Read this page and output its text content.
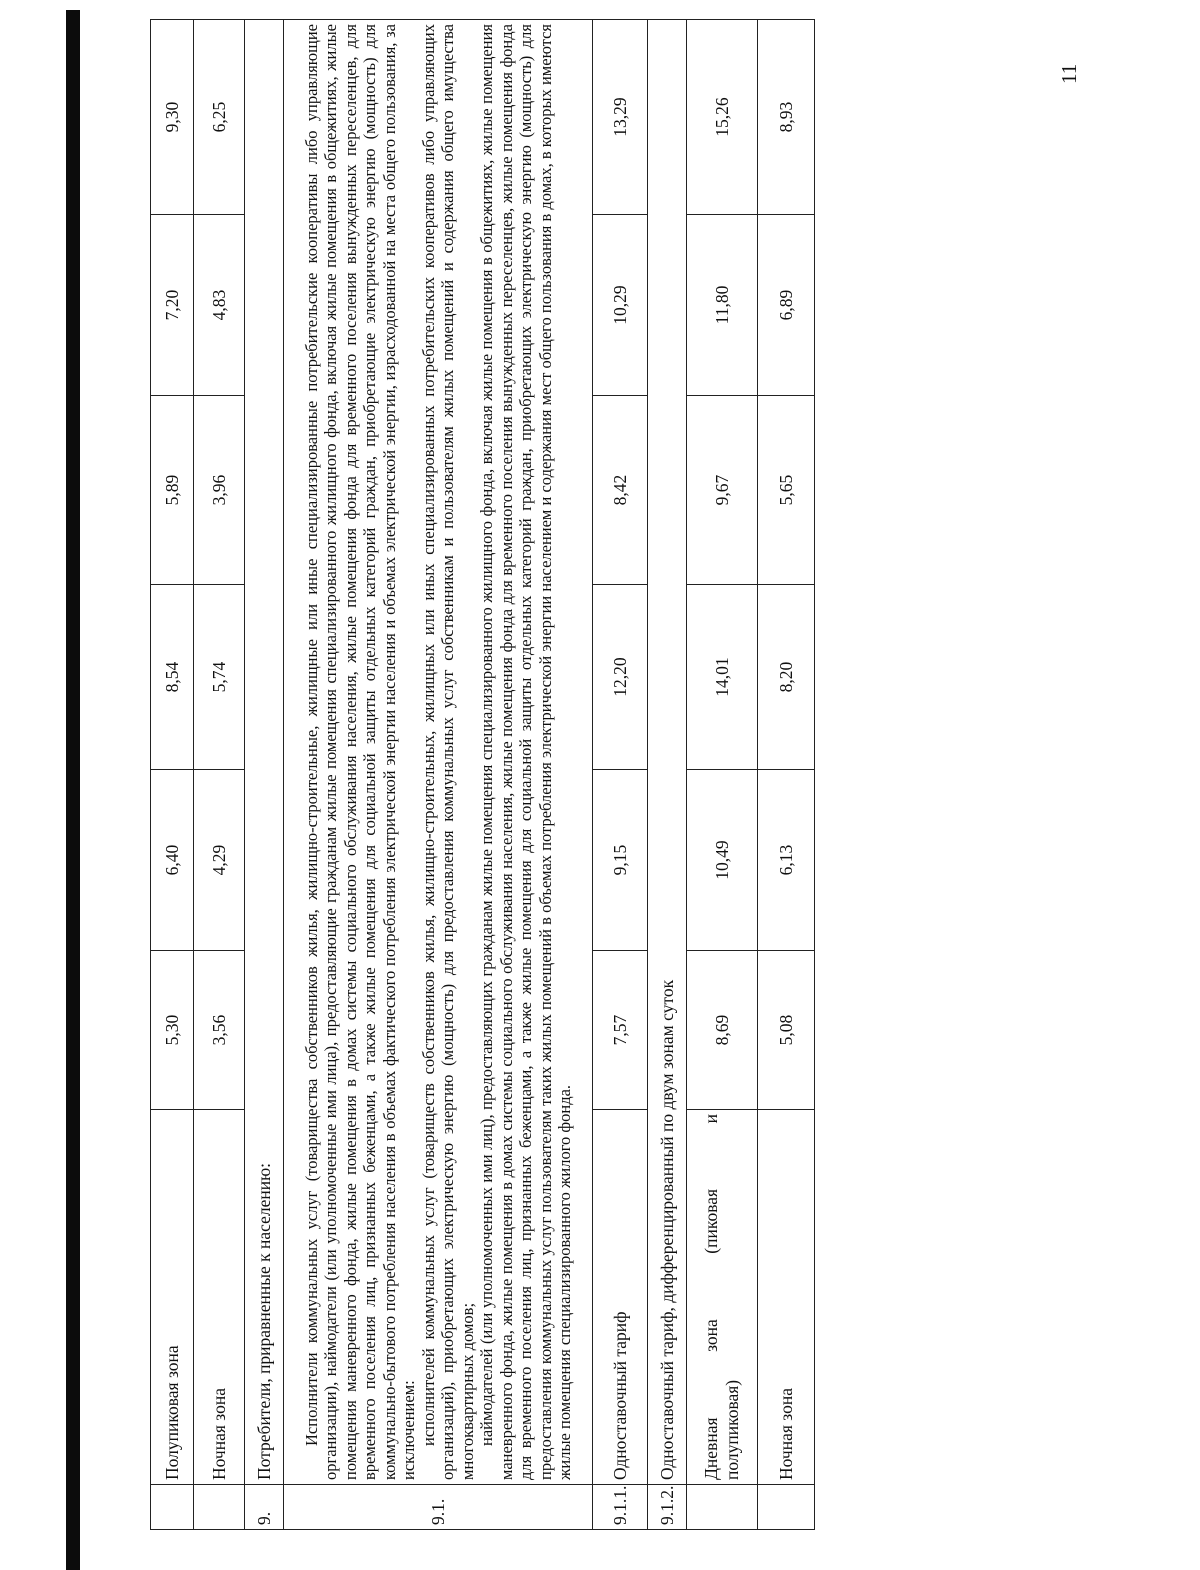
11
	Полупиковая зона	5,30	6,40	8,54	5,89	7,20	9,30
	Ночная зона	3,56	4,29	5,74	3,96	4,83	6,25
9.	Потребители, приравненные к населению:						
9.1.	Исполнители коммунальных услуг (товарищества собственников жилья, жилищно-строительные, жилищные или иные специализированные потребительские кооперативы либо управляющие организации), наймодатели (или уполномоченные ими лица), предоставляющие гражданам жилые помещения специализированного жилищного фонда, включая жилые помещения в общежитиях, жилые помещения маневренного фонда, жилые помещения в домах системы социального обслуживания населения, жилые помещения фонда для временного поселения вынужденных переселенцев, для временного поселения лиц, признанных беженцами, а также жилые помещения для социальной защиты отдельных категорий граждан, приобретающие электрическую энергию (мощность) для коммунально-бытового потребления населения в объемах фактического потребления электрической энергии населения и объемах электрической энергии, израсходованной на места общего пользования, за исключением: исполнителей коммунальных услуг (товариществ собственников жилья, жилищно-строительных, жилищных или иных специализированных потребительских кооперативов либо управляющих организаций), приобретающих электрическую энергию (мощность) для предоставления коммунальных услуг собственникам и пользователям жилых помещений и содержания общего имущества многоквартирных домов; наймодателей (или уполномоченных ими лиц), предоставляющих гражданам жилые помещения специализированного жилищного фонда, включая жилые помещения в общежитиях, жилые помещения маневренного фонда, жилые помещения в домах системы социального обслуживания населения, жилые помещения фонда для временного поселения вынужденных переселенцев, жилые помещения фонда для временного поселения лиц, признанных беженцами, а также жилые помещения для социальной защиты отдельных категорий граждан, приобретающих электрическую энергию (мощность) для предоставления коммунальных услуг пользователям таких жилых помещений в объемах потребления электрической энергии населением и содержания мест общего пользования в домах, в которых имеются жилые помещения специализированного жилого фонда.						

9.1.1.	Одноставочный тариф	7,57	9,15	12,20	8,42	10,29	13,29
9.1.2.	Одноставочный тариф, дифференцированный по двум зонам суток						

	Дневная зона (пиковая и полупиковая)	8,69	10,49	14,01	9,67	11,80	15,26
	Ночная зона	5,08	6,13	8,20	5,65	6,89	8,93
